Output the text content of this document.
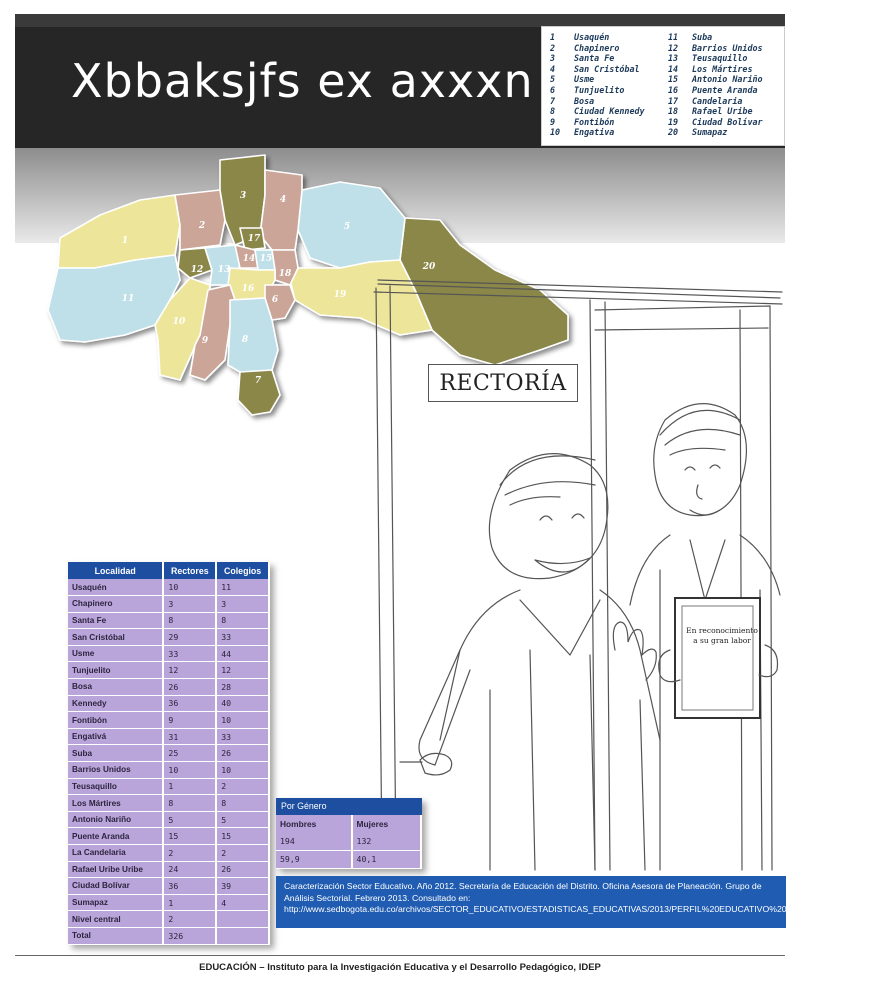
Xbbaksjfs ex axxxn
1	Usaquén
2	Chapinero
3	Santa Fe
4	San Cristóbal
5	Usme
6	Tunjuelito
7	Bosa
8	Ciudad Kennedy
9	Fontibón
10	Engativa
11	Suba
12	Barrios Unidos
13	Teusaquillo
14	Los Mártires
15	Antonio Nariño
16	Puente Aranda
17	Candelaria
18	Rafael Uribe
19	Ciudad Bolívar
20	Sumapaz
1
2
3	4
5
6
7
8
9
10
11
12 13
14 15
16
17
18
19
20
RECTORÍA
En reconocimiento
a su gran labor
Localidad	Rectores	Colegios
Usaquén	10	11
Chapinero	3	3
Santa Fe	8	8
San Cristóbal	29	33
Usme	33	44
Tunjuelito	12	12
Bosa	26	28
Kennedy	36	40
Fontibón	9	10
Engativá	31	33
Suba	25	26
Barrios Unidos	10	10
Teusaquillo	1	2
Los Mártires	8	8
Antonio Nariño	5	5
Puente Aranda	15	15
La Candelaria	2	2
Rafael Uribe Uribe	24	26
Ciudad Bolívar	36	39
Sumapaz	1	4
Nivel central	2	
Total	326	
Por Género
Hombres	Mujeres
194	132
59,9	40,1
Caracterización Sector Educativo. Año 2012. Secretaría de Educación del Distrito. Oficina Asesora de Planeación. Grupo de Análisis Sectorial. Febrero 2013. Consultado en: http://www.sedbogota.edu.co/archivos/SECTOR_EDUCATIVO/ESTADISTICAS_EDUCATIVAS/2013/PERFIL%20EDUCATIVO%20BOGOTA%202012.pdf
EDUCACIÓN – Instituto para la Investigación Educativa y el Desarrollo Pedagógico, IDEP
